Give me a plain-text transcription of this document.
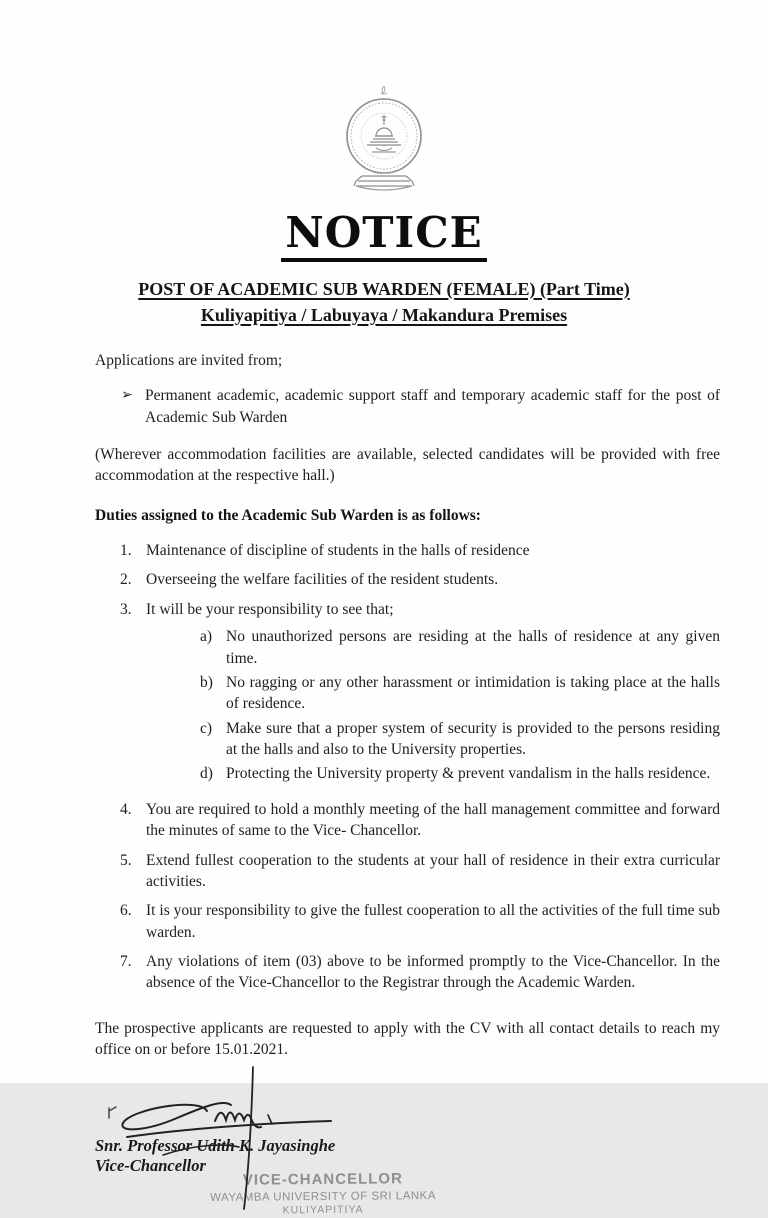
NOTICE
POST OF ACADEMIC SUB WARDEN (FEMALE) (Part Time)
Kuliyapitiya / Labuyaya / Makandura Premises

Applications are invited from;

➢ Permanent academic, academic support staff and temporary academic staff for the post of Academic Sub Warden

(Wherever accommodation facilities are available, selected candidates will be provided with free accommodation at the respective hall.)

Duties assigned to the Academic Sub Warden is as follows:

1. Maintenance of discipline of students in the halls of residence
2. Overseeing the welfare facilities of the resident students.
3. It will be your responsibility to see that;
a) No unauthorized persons are residing at the halls of residence at any given time.
b) No ragging or any other harassment or intimidation is taking place at the halls of residence.
c) Make sure that a proper system of security is provided to the persons residing at the halls and also to the University properties.
d) Protecting the University property & prevent vandalism in the halls residence.
4. You are required to hold a monthly meeting of the hall management committee and forward the minutes of same to the Vice- Chancellor.
5. Extend fullest cooperation to the students at your hall of residence in their extra curricular activities.
6. It is your responsibility to give the fullest cooperation to all the activities of the full time sub warden.
7. Any violations of item (03) above to be informed promptly to the Vice-Chancellor. In the absence of the Vice-Chancellor to the Registrar through the Academic Warden.

The prospective applicants are requested to apply with the CV with all contact details to reach my office on or before 15.01.2021.

Snr. Professor Udith K. Jayasinghe
Vice-Chancellor
VICE-CHANCELLOR
WAYAMBA UNIVERSITY OF SRI LANKA
KULIYAPITIYA
